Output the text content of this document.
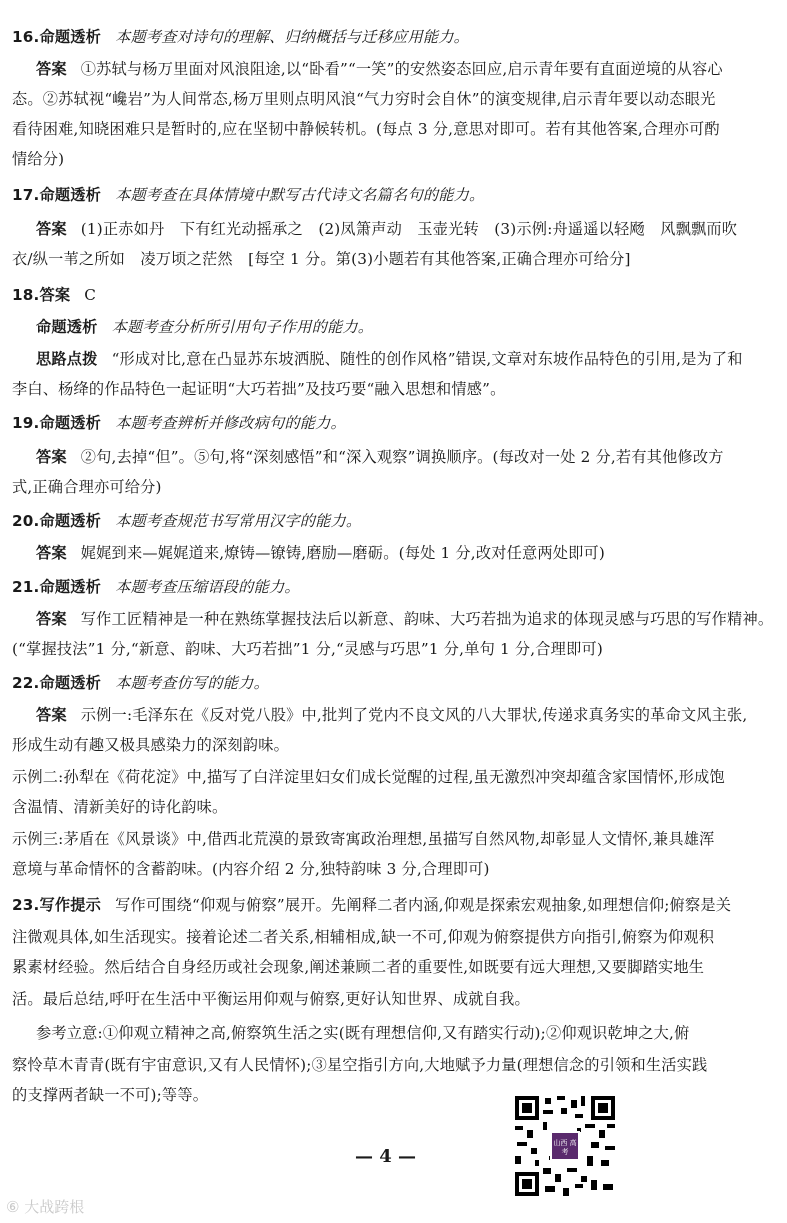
16.命题透析 本题考查对诗句的理解、归纳概括与迁移应用能力。
答案 ①苏轼与杨万里面对风浪阻途,以“卧看”“一笑”的安然姿态回应,启示青年要有直面逆境的从容心
态。②苏轼视“巉岩”为人间常态,杨万里则点明风浪“气力穷时会自休”的演变规律,启示青年要以动态眼光
看待困难,知晓困难只是暂时的,应在坚韧中静候转机。(每点 3 分,意思对即可。若有其他答案,合理亦可酌
情给分)
17.命题透析 本题考查在具体情境中默写古代诗文名篇名句的能力。
答案 (1)正赤如丹　下有红光动摇承之　(2)凤箫声动　玉壶光转　(3)示例:舟遥遥以轻飏　风飘飘而吹
衣/纵一苇之所如　凌万顷之茫然　[每空 1 分。第(3)小题若有其他答案,正确合理亦可给分]
18.答案 C
命题透析 本题考查分析所引用句子作用的能力。
思路点拨 “形成对比,意在凸显苏东坡洒脱、随性的创作风格”错误,文章对东坡作品特色的引用,是为了和
李白、杨绛的作品特色一起证明“大巧若拙”及技巧要“融入思想和情感”。
19.命题透析 本题考查辨析并修改病句的能力。
答案 ②句,去掉“但”。⑤句,将“深刻感悟”和“深入观察”调换顺序。(每改对一处 2 分,若有其他修改方
式,正确合理亦可给分)
20.命题透析 本题考查规范书写常用汉字的能力。
答案 娓娓到来—娓娓道来,燎铸—镣铸,磨励—磨砺。(每处 1 分,改对任意两处即可)
21.命题透析 本题考查压缩语段的能力。
答案 写作工匠精神是一种在熟练掌握技法后以新意、韵味、大巧若拙为追求的体现灵感与巧思的写作精神。
(“掌握技法”1 分,“新意、韵味、大巧若拙”1 分,“灵感与巧思”1 分,单句 1 分,合理即可)
22.命题透析 本题考查仿写的能力。
答案 示例一:毛泽东在《反对党八股》中,批判了党内不良文风的八大罪状,传递求真务实的革命文风主张,
形成生动有趣又极具感染力的深刻韵味。
示例二:孙犁在《荷花淀》中,描写了白洋淀里妇女们成长觉醒的过程,虽无激烈冲突却蕴含家国情怀,形成饱
含温情、清新美好的诗化韵味。
示例三:茅盾在《风景谈》中,借西北荒漠的景致寄寓政治理想,虽描写自然风物,却彰显人文情怀,兼具雄浑
意境与革命情怀的含蓄韵味。(内容介绍 2 分,独特韵味 3 分,合理即可)
23.写作提示 写作可围绕“仰观与俯察”展开。先阐释二者内涵,仰观是探索宏观抽象,如理想信仰;俯察是关
注微观具体,如生活现实。接着论述二者关系,相辅相成,缺一不可,仰观为俯察提供方向指引,俯察为仰观积
累素材经验。然后结合自身经历或社会现象,阐述兼顾二者的重要性,如既要有远大理想,又要脚踏实地生
活。最后总结,呼吁在生活中平衡运用仰观与俯察,更好认知世界、成就自我。
参考立意:①仰观立精神之高,俯察筑生活之实(既有理想信仰,又有踏实行动);②仰观识乾坤之大,俯
察怜草木青青(既有宇宙意识,又有人民情怀);③星空指引方向,大地赋予力量(理想信念的引领和生活实践
的支撑两者缺一不可);等等。
山西 高考
— 4 —
⑥ 大战跨根
